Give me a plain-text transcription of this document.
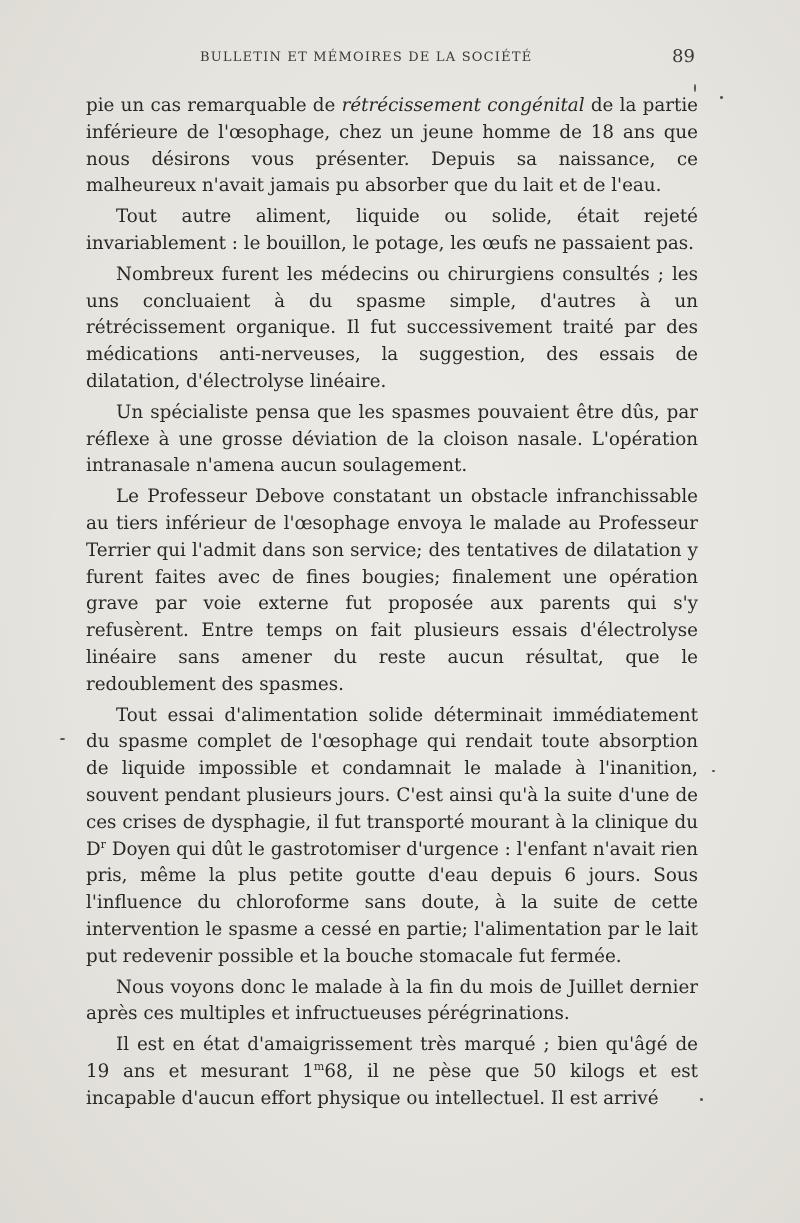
BULLETIN ET MÉMOIRES DE LA SOCIÉTÉ	89

pie un cas remarquable de rétrécissement congénital de la partie inférieure de l'œsophage, chez un jeune homme de 18 ans que nous désirons vous présenter. Depuis sa naissance, ce malheureux n'avait jamais pu absorber que du lait et de l'eau.

Tout autre aliment, liquide ou solide, était rejeté invariablement : le bouillon, le potage, les œufs ne passaient pas.

Nombreux furent les médecins ou chirurgiens consultés ; les uns concluaient à du spasme simple, d'autres à un rétrécissement organique. Il fut successivement traité par des médications anti-nerveuses, la suggestion, des essais de dilatation, d'électrolyse linéaire.

Un spécialiste pensa que les spasmes pouvaient être dûs, par réflexe à une grosse déviation de la cloison nasale. L'opération intranasale n'amena aucun soulagement.

Le Professeur Debove constatant un obstacle infranchissable au tiers inférieur de l'œsophage envoya le malade au Professeur Terrier qui l'admit dans son service; des tentatives de dilatation y furent faites avec de fines bougies; finalement une opération grave par voie externe fut proposée aux parents qui s'y refusèrent. Entre temps on fait plusieurs essais d'électrolyse linéaire sans amener du reste aucun résultat, que le redoublement des spasmes.

Tout essai d'alimentation solide déterminait immédiatement du spasme complet de l'œsophage qui rendait toute absorption de liquide impossible et condamnait le malade à l'inanition, souvent pendant plusieurs jours. C'est ainsi qu'à la suite d'une de ces crises de dysphagie, il fut transporté mourant à la clinique du $D^r$ Doyen qui dût le gastrotomiser d'urgence : l'enfant n'avait rien pris, même la plus petite goutte d'eau depuis 6 jours. Sous l'influence du chloroforme sans doute, à la suite de cette intervention le spasme a cessé en partie; l'alimentation par le lait put redevenir possible et la bouche stomacale fut fermée.

Nous voyons donc le malade à la fin du mois de Juillet dernier après ces multiples et infructueuses pérégrinations.

Il est en état d'amaigrissement très marqué ; bien qu'âgé de 19 ans et mesurant 1$^m$68, il ne pèse que 50 kilogs et est incapable d'aucun effort physique ou intellectuel. Il est arrivé
